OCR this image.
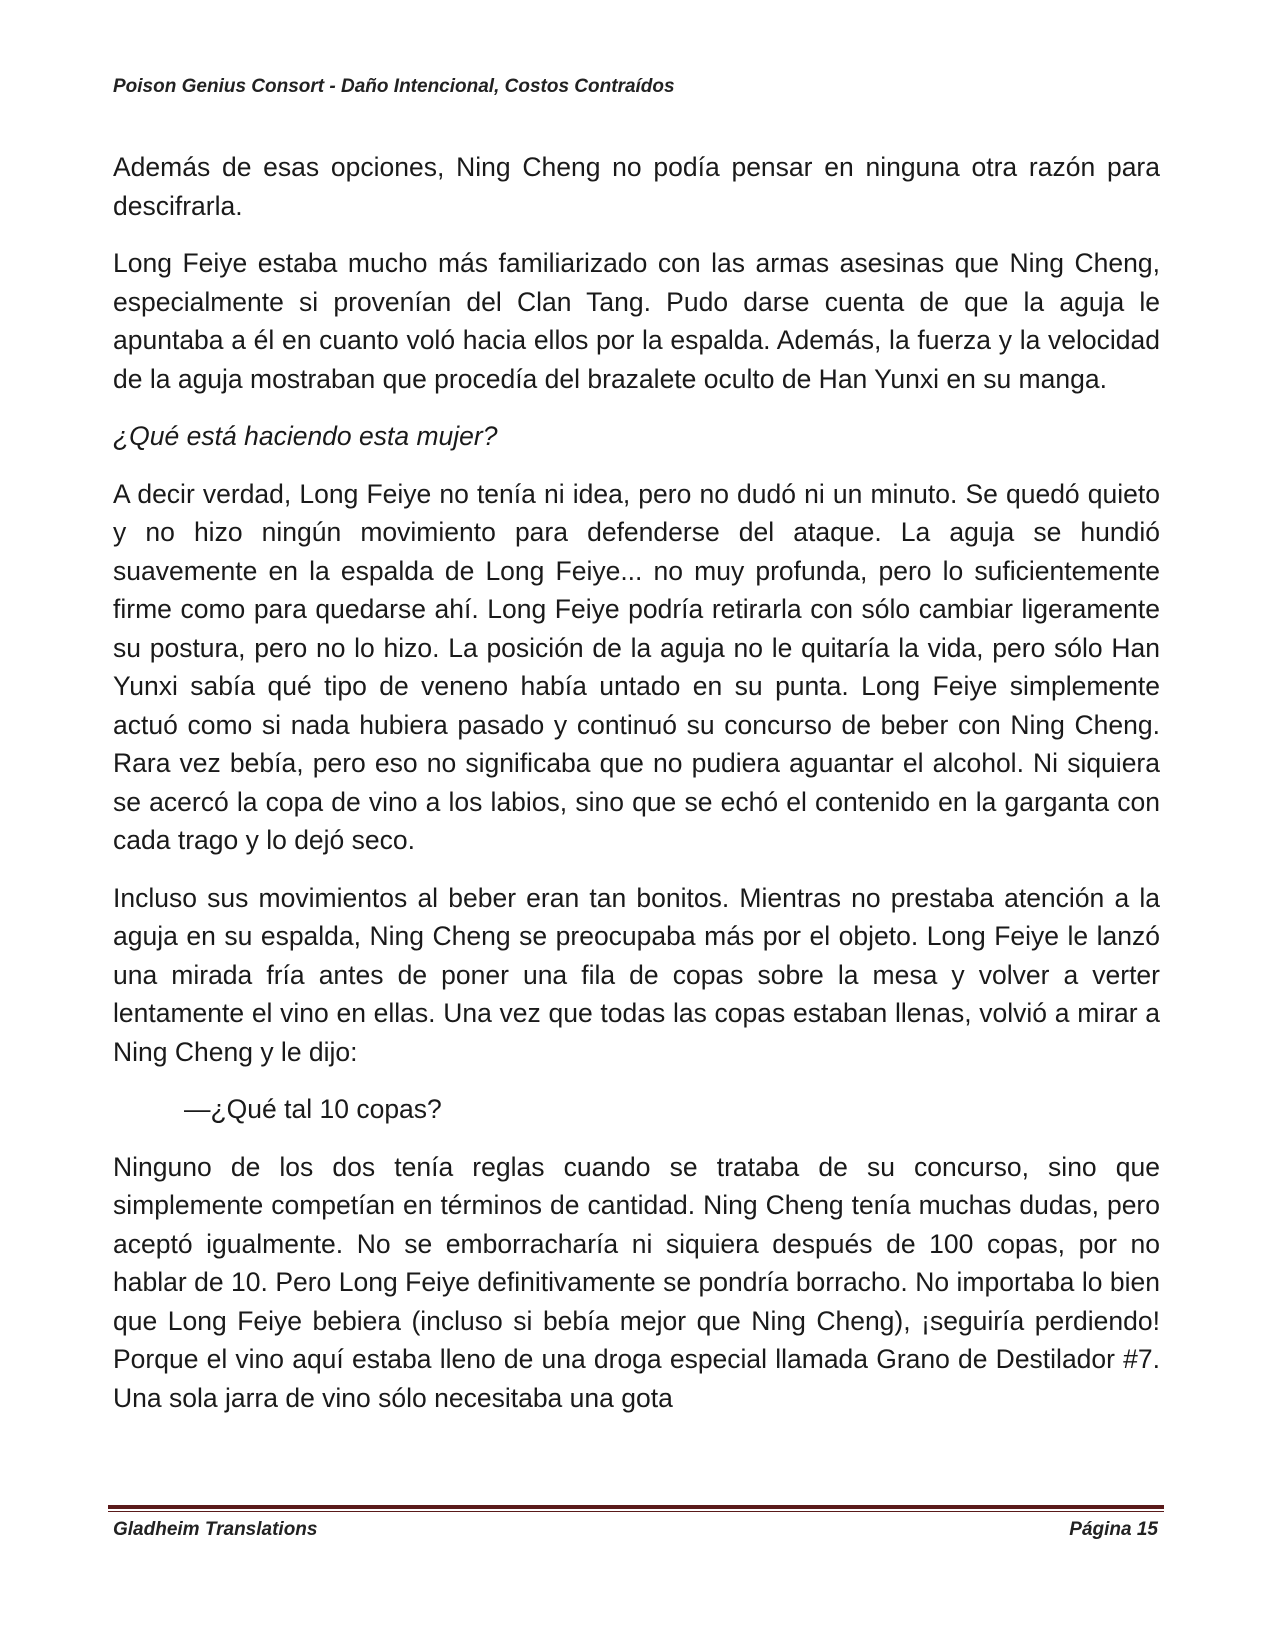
Poison Genius Consort - Daño Intencional, Costos Contraídos

Además de esas opciones, Ning Cheng no podía pensar en ninguna otra razón para descifrarla.

Long Feiye estaba mucho más familiarizado con las armas asesinas que Ning Cheng, especialmente si provenían del Clan Tang. Pudo darse cuenta de que la aguja le apuntaba a él en cuanto voló hacia ellos por la espalda. Además, la fuerza y la velocidad de la aguja mostraban que procedía del brazalete oculto de Han Yunxi en su manga.

¿Qué está haciendo esta mujer?

A decir verdad, Long Feiye no tenía ni idea, pero no dudó ni un minuto. Se quedó quieto y no hizo ningún movimiento para defenderse del ataque. La aguja se hundió suavemente en la espalda de Long Feiye... no muy profunda, pero lo suficientemente firme como para quedarse ahí. Long Feiye podría retirarla con sólo cambiar ligeramente su postura, pero no lo hizo. La posición de la aguja no le quitaría la vida, pero sólo Han Yunxi sabía qué tipo de veneno había untado en su punta. Long Feiye simplemente actuó como si nada hubiera pasado y continuó su concurso de beber con Ning Cheng. Rara vez bebía, pero eso no significaba que no pudiera aguantar el alcohol. Ni siquiera se acercó la copa de vino a los labios, sino que se echó el contenido en la garganta con cada trago y lo dejó seco.

Incluso sus movimientos al beber eran tan bonitos. Mientras no prestaba atención a la aguja en su espalda, Ning Cheng se preocupaba más por el objeto. Long Feiye le lanzó una mirada fría antes de poner una fila de copas sobre la mesa y volver a verter lentamente el vino en ellas. Una vez que todas las copas estaban llenas, volvió a mirar a Ning Cheng y le dijo:

—¿Qué tal 10 copas?

Ninguno de los dos tenía reglas cuando se trataba de su concurso, sino que simplemente competían en términos de cantidad. Ning Cheng tenía muchas dudas, pero aceptó igualmente. No se emborracharía ni siquiera después de 100 copas, por no hablar de 10. Pero Long Feiye definitivamente se pondría borracho. No importaba lo bien que Long Feiye bebiera (incluso si bebía mejor que Ning Cheng), ¡seguiría perdiendo! Porque el vino aquí estaba lleno de una droga especial llamada Grano de Destilador #7. Una sola jarra de vino sólo necesitaba una gota

Gladheim Translations	Página 15
